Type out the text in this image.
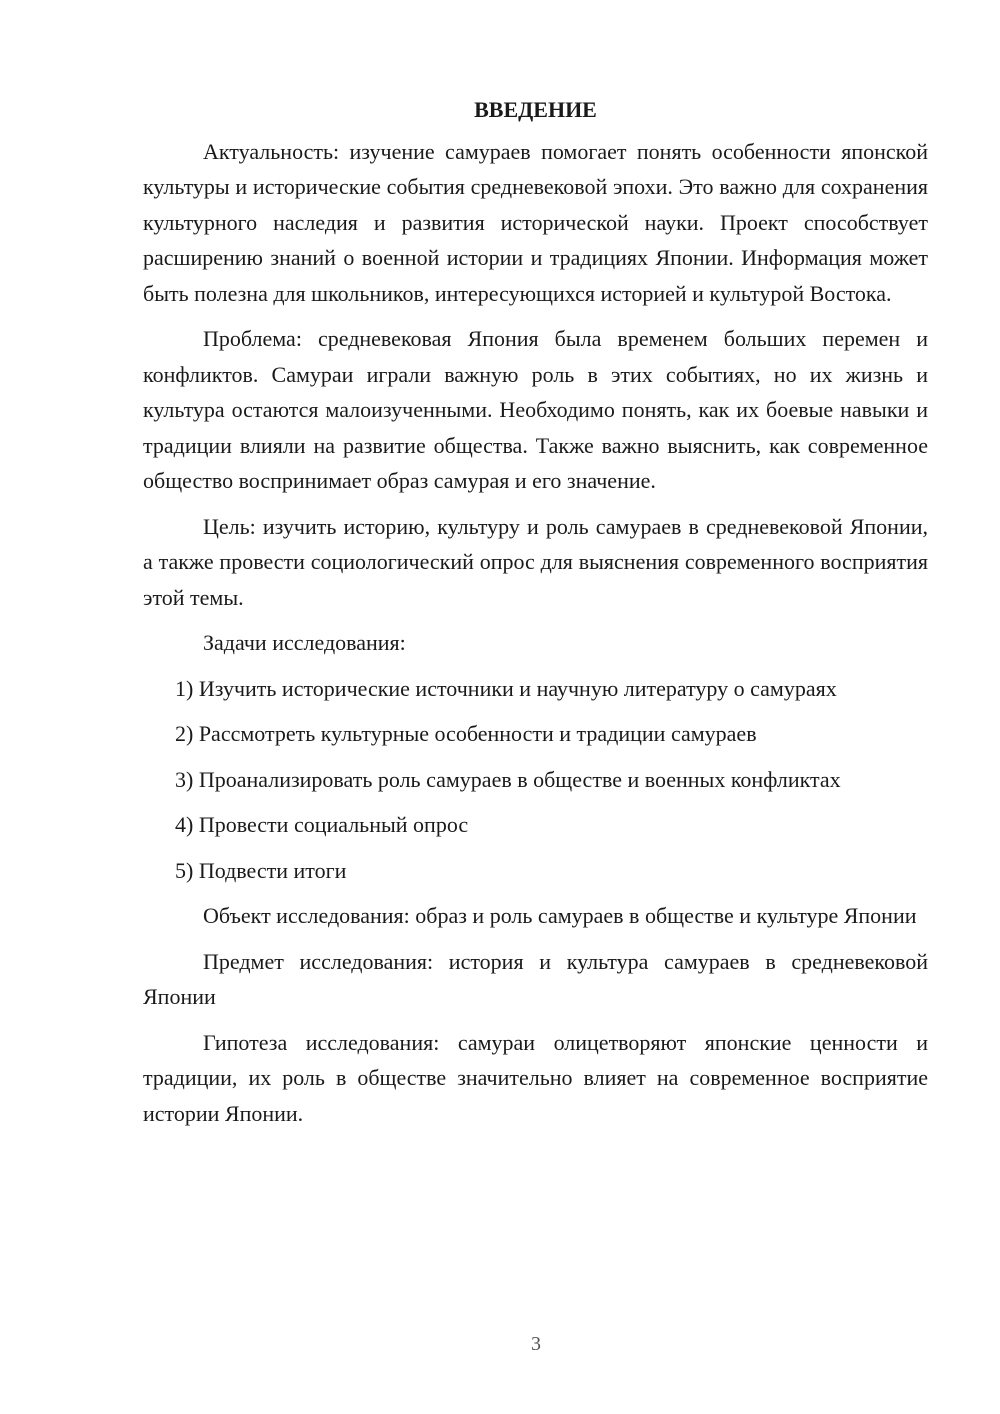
ВВЕДЕНИЕ

Актуальность: изучение самураев помогает понять особенности японской культуры и исторические события средневековой эпохи. Это важно для сохранения культурного наследия и развития исторической науки. Проект способствует расширению знаний о военной истории и традициях Японии. Информация может быть полезна для школьников, интересующихся историей и культурой Востока.

Проблема: средневековая Япония была временем больших перемен и конфликтов. Самураи играли важную роль в этих событиях, но их жизнь и культура остаются малоизученными. Необходимо понять, как их боевые навыки и традиции влияли на развитие общества. Также важно выяснить, как современное общество воспринимает образ самурая и его значение.

Цель: изучить историю, культуру и роль самураев в средневековой Японии, а также провести социологический опрос для выяснения современного восприятия этой темы.

Задачи исследования:

1) Изучить исторические источники и научную литературу о самураях

2) Рассмотреть культурные особенности и традиции самураев

3) Проанализировать роль самураев в обществе и военных конфликтах

4) Провести социальный опрос

5) Подвести итоги

Объект исследования: образ и роль самураев в обществе и культуре Японии

Предмет исследования: история и культура самураев в средневековой Японии

Гипотеза исследования: самураи олицетворяют японские ценности и традиции, их роль в обществе значительно влияет на современное восприятие истории Японии.

3
